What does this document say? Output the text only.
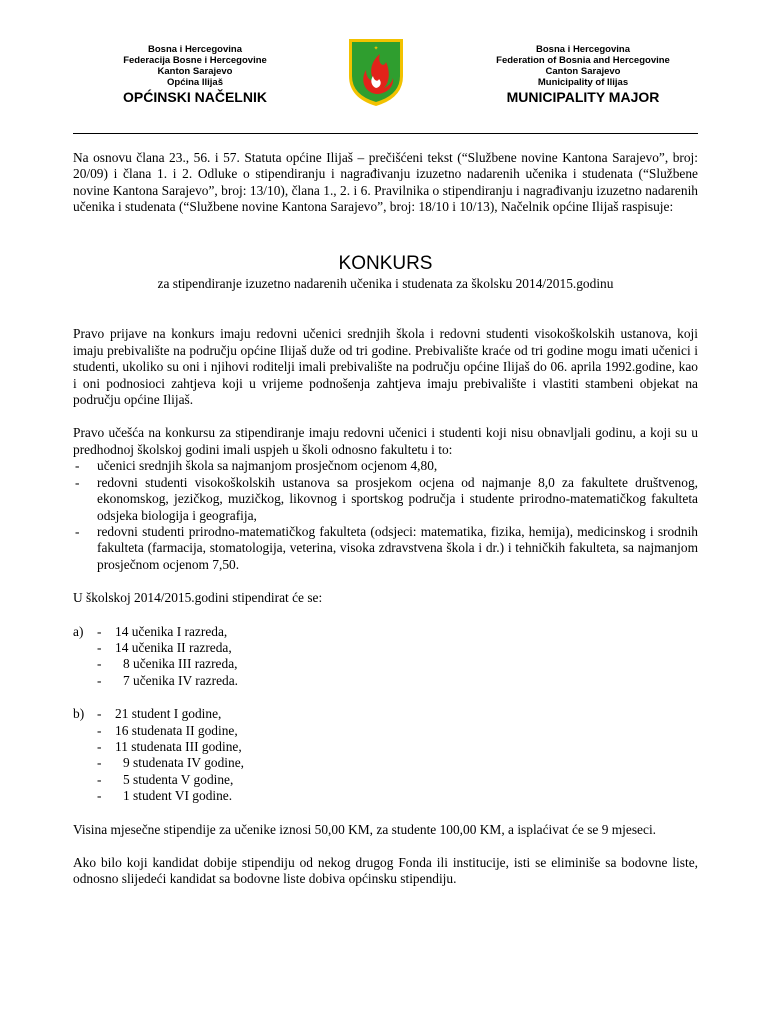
Bosna i Hercegovina
Federacija Bosne i Hercegovine
Kanton Sarajevo
Općina Ilijaš
OPĆINSKI NAČELNIK
✦	Bosna i Hercegovina
Federation of Bosnia and Hercegovine
Canton Sarajevo
Municipality of Ilijas
MUNICIPALITY MAJOR

Na osnovu člana 23., 56. i 57. Statuta općine Ilijaš – prečišćeni tekst (“Službene novine Kantona Sarajevo”, broj: 20/09) i člana 1. i 2. Odluke o stipendiranju i nagrađivanju izuzetno nadarenih učenika i studenata (“Službene novine Kantona Sarajevo”, broj: 13/10), člana 1., 2. i 6. Pravilnika o stipendiranju i nagrađivanju izuzetno nadarenih učenika i studenata (“Službene novine Kantona Sarajevo”, broj: 18/10 i 10/13), Načelnik općine Ilijaš raspisuje:

KONKURS
za stipendiranje izuzetno nadarenih učenika i studenata za školsku 2014/2015.godinu

Pravo prijave na konkurs imaju redovni učenici srednjih škola i redovni studenti visokoškolskih ustanova, koji imaju prebivalište na području općine Ilijaš duže od tri godine. Prebivalište kraće od tri godine mogu imati učenici i studenti, ukoliko su oni i njihovi roditelji imali prebivalište na području općine Ilijaš do 06. aprila 1992.godine, kao i oni podnosioci zahtjeva koji u vrijeme podnošenja zahtjeva imaju prebivalište i vlastiti stambeni objekat na području općine Ilijaš.

Pravo učešća na konkursu za stipendiranje imaju redovni učenici i studenti koji nisu obnavljali godinu, a koji su u predhodnoj školskoj godini imali uspjeh u školi odnosno fakultetu i to:

- učenici srednjih škola sa najmanjom prosječnom ocjenom 4,80,
- redovni studenti visokoškolskih ustanova sa prosjekom ocjena od najmanje 8,0 za fakultete društvenog, ekonomskog, jezičkog, muzičkog, likovnog i sportskog područja i studente prirodno-matematičkog fakulteta odsjeka biologija i geografija,
- redovni studenti prirodno-matematičkog fakulteta (odsjeci: matematika, fizika, hemija), medicinskog i srodnih fakulteta (farmacija, stomatologija, veterina, visoka zdravstvena škola i dr.) i tehničkih fakulteta, sa najmanjom prosječnom ocjenom 7,50.

U školskoj 2014/2015.godini stipendirat će se:

a) -	14 učenika I razreda,
-	14 učenika II razreda,
-	8 učenika III razreda,
-	7 učenika IV razreda.
b) -	21 student I godine,
-	16 studenata II godine,
-	11 studenata III godine,
-	9 studenata IV godine,
-	5 studenta V godine,
-	1 student VI godine.

Visina mjesečne stipendije za učenike iznosi 50,00 KM, za studente 100,00 KM, a isplaćivat će se 9 mjeseci.

Ako bilo koji kandidat dobije stipendiju od nekog drugog Fonda ili institucije, isti se eliminiše sa bodovne liste, odnosno slijedeći kandidat sa bodovne liste dobiva općinsku stipendiju.
